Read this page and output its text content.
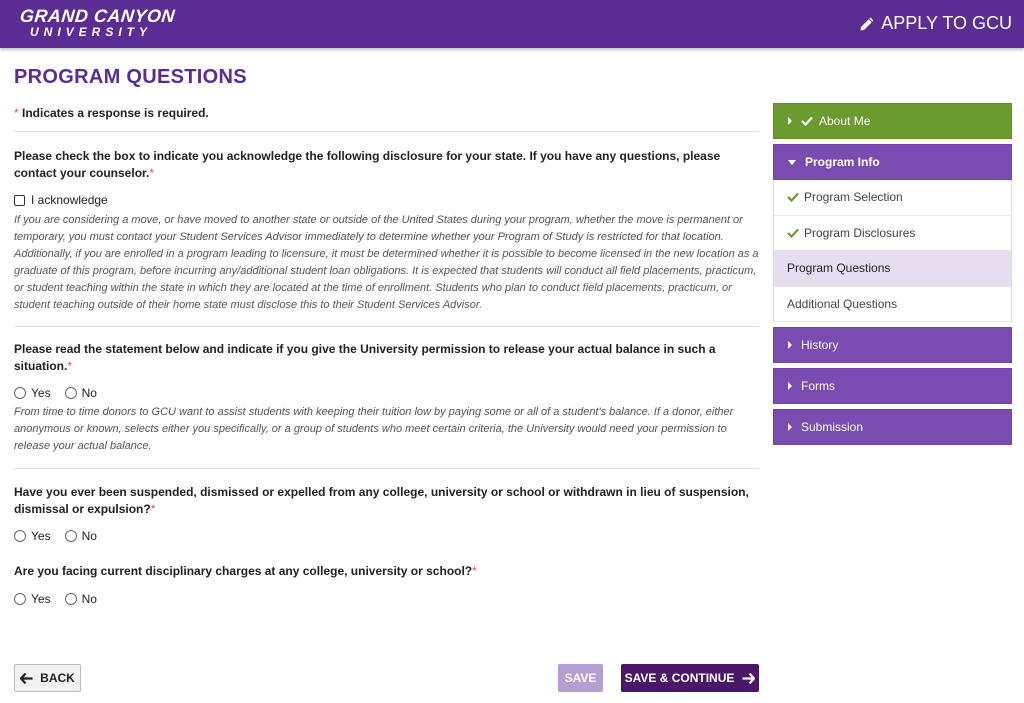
GRAND CANYON
UNIVERSITY	APPLY TO GCU
PROGRAM QUESTIONS
* Indicates a response is required.
Please check the box to indicate you acknowledge the following disclosure for your state. If you have any questions, please contact your counselor.*
I acknowledge
If you are considering a move, or have moved to another state or outside of the United States during your program, whether the move is permanent or temporary, you must contact your Student Services Advisor immediately to determine whether your Program of Study is restricted for that location. Additionally, if you are enrolled in a program leading to licensure, it must be determined whether it is possible to become licensed in the new location as a graduate of this program, before incurring any/additional student loan obligations. It is expected that students will conduct all field placements, practicum, or student teaching within the state in which they are located at the time of enrollment. Students who plan to conduct field placements, practicum, or student teaching outside of their home state must disclose this to their Student Services Advisor.
Please read the statement below and indicate if you give the University permission to release your actual balance in such a situation.*
Yes	No
From time to time donors to GCU want to assist students with keeping their tuition low by paying some or all of a student's balance. If a donor, either anonymous or known, selects either you specifically, or a group of students who meet certain criteria, the University would need your permission to release your actual balance.
Have you ever been suspended, dismissed or expelled from any college, university or school or withdrawn in lieu of suspension, dismissal or expulsion?*
Yes	No
Are you facing current disciplinary charges at any college, university or school?*
Yes	No
BACK	SAVE SAVE & CONTINUE
About Me
Program Info
Program Selection
Program Disclosures
Program Questions
Additional Questions
History
Forms
Submission
